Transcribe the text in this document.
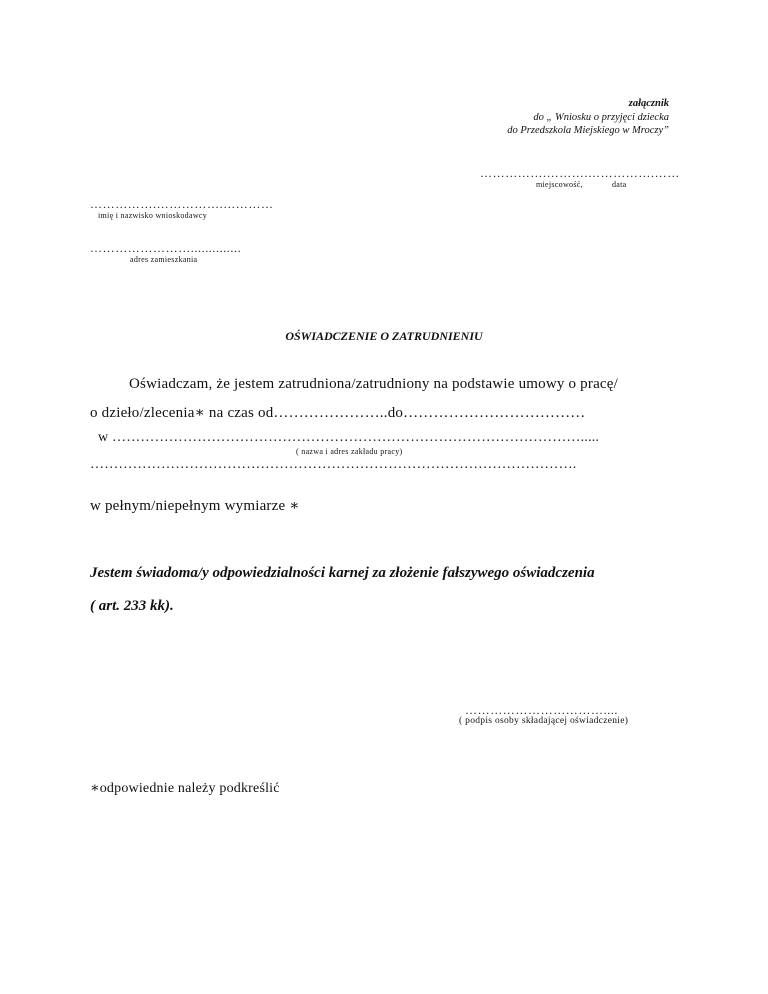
załącznik
do „ Wniosku o przyjęci dziecka
do Przedszkola Miejskiego w Mroczy”
…………….……….…………….……
miejscowość,	data
…………….…………….…………
imię i nazwisko wnioskodawcy
……………………..............
adres zamieszkania
OŚWIADCZENIE O ZATRUDNIENIU
Oświadczam, że jestem zatrudniona/zatrudniony na podstawie umowy o pracę/
o dzieło/zlecenia∗ na czas od…………………..do………………………………
w ……………………………………………………………………………………….....
( nazwa i adres zakładu pracy)
………………………………………………………………………………………….
w pełnym/niepełnym wymiarze ∗
Jestem świadoma/y odpowiedzialności karnej za złożenie fałszywego oświadczenia
( art. 233 kk).
……………………………....
( podpis osoby składającej oświadczenie)
∗odpowiednie należy podkreślić
